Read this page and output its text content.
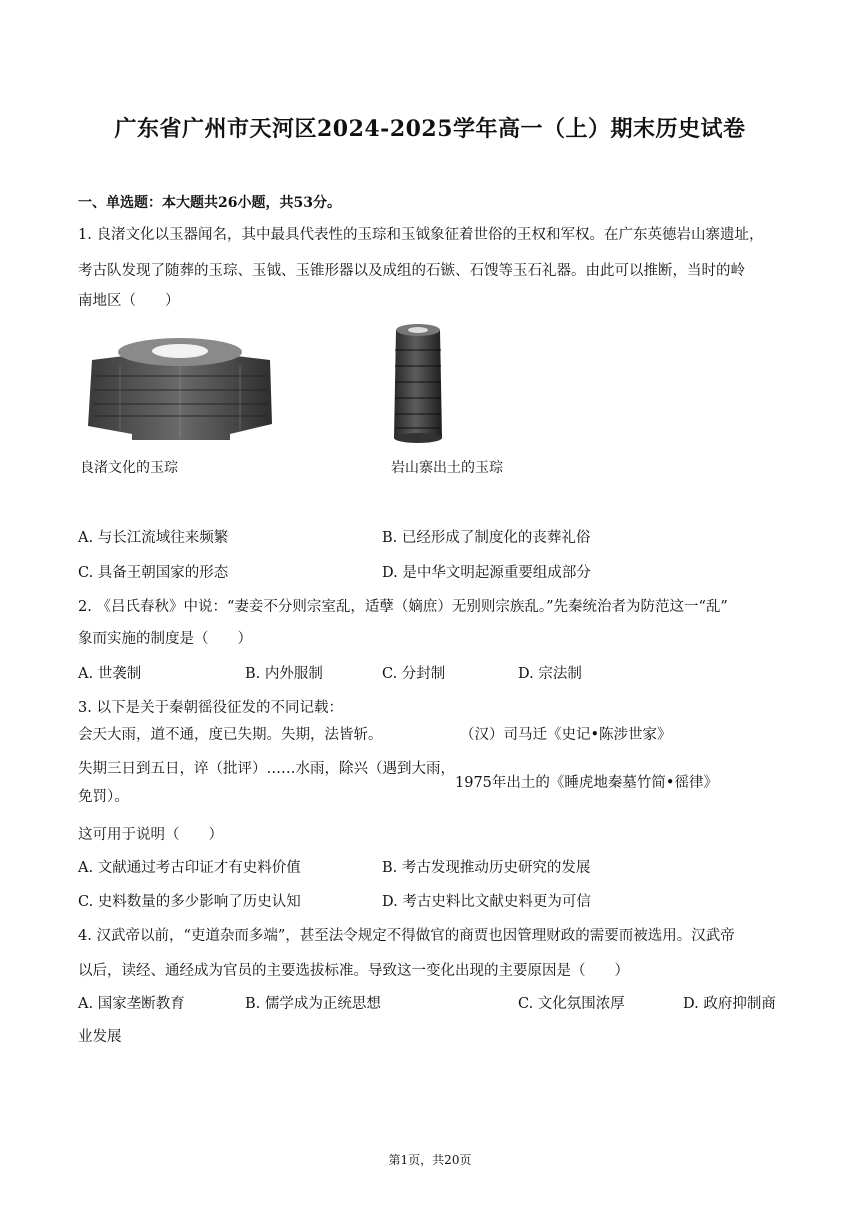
广东省广州市天河区2024-2025学年高一（上）期末历史试卷
一、单选题：本大题共26小题，共53分。
1. 良渚文化以玉器闻名，其中最具代表性的玉琮和玉钺象征着世俗的王权和军权。在广东英德岩山寨遗址，
考古队发现了随葬的玉琮、玉钺、玉锥形器以及成组的石镞、石馊等玉石礼器。由此可以推断，当时的岭
南地区（　　）
良渚文化的玉琮	岩山寨出土的玉琮
A. 与长江流域往来频繁	B. 已经形成了制度化的丧葬礼俗
C. 具备王朝国家的形态	D. 是中华文明起源重要组成部分
2. 《吕氏春秋》中说：“妻妾不分则宗室乱，适孽（嫡庶）无别则宗族乱。”先秦统治者为防范这一“乱”
象而实施的制度是（　　）
A. 世袭制	B. 内外服制	C. 分封制	D. 宗法制
3. 以下是关于秦朝徭役征发的不同记载：
会天大雨，道不通，度已失期。失期，法皆斩。	（汉）司马迁《史记•陈涉世家》
失期三日到五日，谇（批评）……水雨，除兴（遇到大雨，
免罚）。
1975年出土的《睡虎地秦墓竹简•徭律》
这可用于说明（　　）
A. 文献通过考古印证才有史料价值	B. 考古发现推动历史研究的发展
C. 史料数量的多少影响了历史认知	D. 考古史料比文献史料更为可信
4. 汉武帝以前，“吏道杂而多端”，甚至法令规定不得做官的商贾也因管理财政的需要而被选用。汉武帝
以后，读经、通经成为官员的主要选拔标准。导致这一变化出现的主要原因是（　　）
A. 国家垄断教育	B. 儒学成为正统思想	C. 文化氛围浓厚	D. 政府抑制商
业发展
第1页，共20页
